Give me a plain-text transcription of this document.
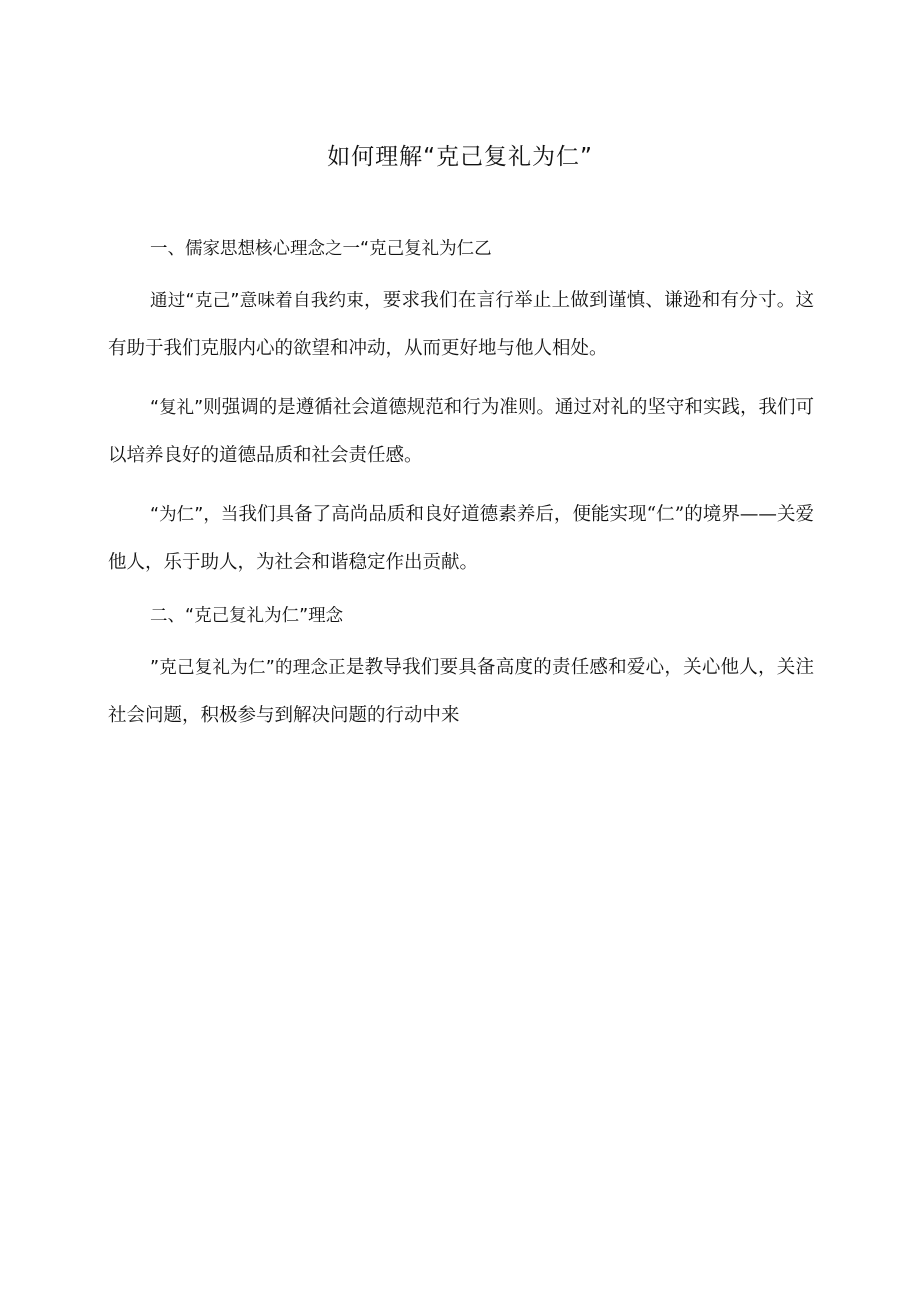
如何理解“克己复礼为仁”
一、儒家思想核心理念之一“克己复礼为仁乙

通过“克己”意味着自我约束，要求我们在言行举止上做到谨慎、谦逊和有分寸。这有助于我们克服内心的欲望和冲动，从而更好地与他人相处。

“复礼”则强调的是遵循社会道德规范和行为准则。通过对礼的坚守和实践，我们可以培养良好的道德品质和社会责任感。

“为仁”，当我们具备了高尚品质和良好道德素养后，便能实现“仁”的境界——关爱他人，乐于助人，为社会和谐稳定作出贡献。

二、“克己复礼为仁”理念

”克己复礼为仁”的理念正是教导我们要具备高度的责任感和爱心，关心他人，关注社会问题，积极参与到解决问题的行动中来
